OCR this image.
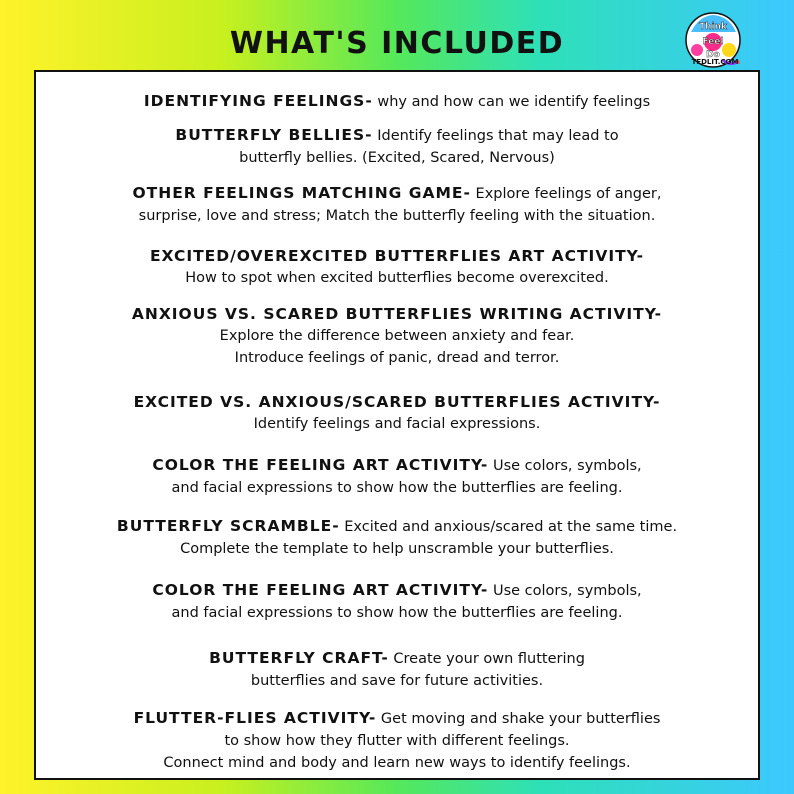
WHAT'S INCLUDED	Think
Feel
Do
TFDLIT.COM
IDENTIFYING FEELINGS- why and how can we identify feelings
BUTTERFLY BELLIES- Identify feelings that may lead to
butterfly bellies. (Excited, Scared, Nervous)
OTHER FEELINGS MATCHING GAME- Explore feelings of anger,
surprise, love and stress; Match the butterfly feeling with the situation.
EXCITED/OVEREXCITED BUTTERFLIES ART ACTIVITY-
How to spot when excited butterflies become overexcited.
ANXIOUS VS. SCARED BUTTERFLIES WRITING ACTIVITY-
Explore the difference between anxiety and fear.
Introduce feelings of panic, dread and terror.
EXCITED VS. ANXIOUS/SCARED BUTTERFLIES ACTIVITY-
Identify feelings and facial expressions.
COLOR THE FEELING ART ACTIVITY- Use colors, symbols,
and facial expressions to show how the butterflies are feeling.
BUTTERFLY SCRAMBLE- Excited and anxious/scared at the same time.
Complete the template to help unscramble your butterflies.
COLOR THE FEELING ART ACTIVITY- Use colors, symbols,
and facial expressions to show how the butterflies are feeling.
BUTTERFLY CRAFT- Create your own fluttering
butterflies and save for future activities.
FLUTTER-FLIES ACTIVITY- Get moving and shake your butterflies
to show how they flutter with different feelings.
Connect mind and body and learn new ways to identify feelings.
